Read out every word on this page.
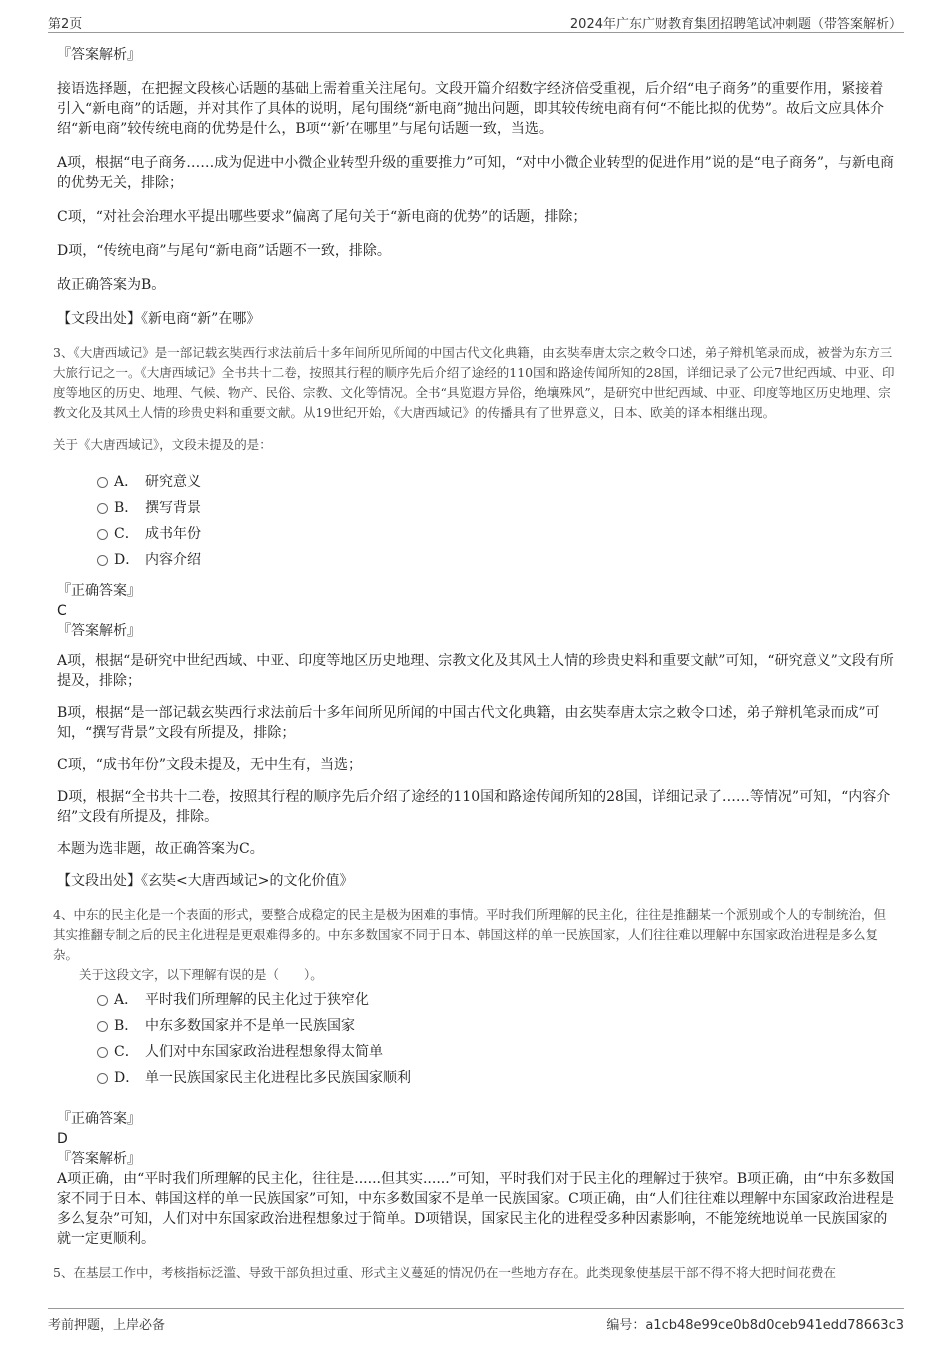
第2页	2024年广东广财教育集团招聘笔试冲刺题（带答案解析）
『答案解析』

接语选择题，在把握文段核心话题的基础上需着重关注尾句。文段开篇介绍数字经济倍受重视，后介绍“电子商务”的重要作用，紧接着引入“新电商”的话题，并对其作了具体的说明，尾句围绕“新电商”抛出问题，即其较传统电商有何“不能比拟的优势”。故后文应具体介绍“新电商”较传统电商的优势是什么，B项“‘新’在哪里”与尾句话题一致，当选。

A项，根据“电子商务……成为促进中小微企业转型升级的重要推力”可知，“对中小微企业转型的促进作用”说的是“电子商务”，与新电商的优势无关，排除；

C项，“对社会治理水平提出哪些要求”偏离了尾句关于“新电商的优势”的话题，排除；

D项，“传统电商”与尾句“新电商”话题不一致，排除。

故正确答案为B。

【文段出处】《新电商“新”在哪》

3、《大唐西域记》是一部记载玄奘西行求法前后十多年间所见所闻的中国古代文化典籍，由玄奘奉唐太宗之敕令口述，弟子辩机笔录而成，被誉为东方三大旅行记之一。《大唐西域记》全书共十二卷，按照其行程的顺序先后介绍了途经的110国和路途传闻所知的28国，详细记录了公元7世纪西域、中亚、印度等地区的历史、地理、气候、物产、民俗、宗教、文化等情况。全书“具览遐方异俗，绝壤殊风”，是研究中世纪西域、中亚、印度等地区历史地理、宗教文化及其风土人情的珍贵史料和重要文献。从19世纪开始，《大唐西域记》的传播具有了世界意义，日本、欧美的译本相继出现。

关于《大唐西域记》，文段未提及的是：

A． 研究意义
B． 撰写背景
C． 成书年份
D． 内容介绍
『正确答案』
C
『答案解析』

A项，根据“是研究中世纪西域、中亚、印度等地区历史地理、宗教文化及其风土人情的珍贵史料和重要文献”可知，“研究意义”文段有所提及，排除；

B项，根据“是一部记载玄奘西行求法前后十多年间所见所闻的中国古代文化典籍，由玄奘奉唐太宗之敕令口述，弟子辩机笔录而成”可知，“撰写背景”文段有所提及，排除；

C项，“成书年份”文段未提及，无中生有，当选；

D项，根据“全书共十二卷，按照其行程的顺序先后介绍了途经的110国和路途传闻所知的28国，详细记录了……等情况”可知，“内容介绍”文段有所提及，排除。

本题为选非题，故正确答案为C。

【文段出处】《玄奘<大唐西域记>的文化价值》

4、中东的民主化是一个表面的形式，要整合成稳定的民主是极为困难的事情。平时我们所理解的民主化，往往是推翻某一个派别或个人的专制统治，但其实推翻专制之后的民主化进程是更艰难得多的。中东多数国家不同于日本、韩国这样的单一民族国家，人们往往难以理解中东国家政治进程是多么复杂。

关于这段文字，以下理解有误的是（　　）。

A． 平时我们所理解的民主化过于狭窄化
B． 中东多数国家并不是单一民族国家
C． 人们对中东国家政治进程想象得太简单
D． 单一民族国家民主化进程比多民族国家顺利
『正确答案』
D
『答案解析』

A项正确，由“平时我们所理解的民主化，往往是......但其实......”可知，平时我们对于民主化的理解过于狭窄。B项正确，由“中东多数国家不同于日本、韩国这样的单一民族国家”可知，中东多数国家不是单一民族国家。C项正确，由“人们往往难以理解中东国家政治进程是多么复杂”可知，人们对中东国家政治进程想象过于简单。D项错误，国家民主化的进程受多种因素影响，不能笼统地说单一民族国家的就一定更顺利。

5、在基层工作中，考核指标泛滥、导致干部负担过重、形式主义蔓延的情况仍在一些地方存在。此类现象使基层干部不得不将大把时间花费在

考前押题，上岸必备	编号：a1cb48e99ce0b8d0ceb941edd78663c3
